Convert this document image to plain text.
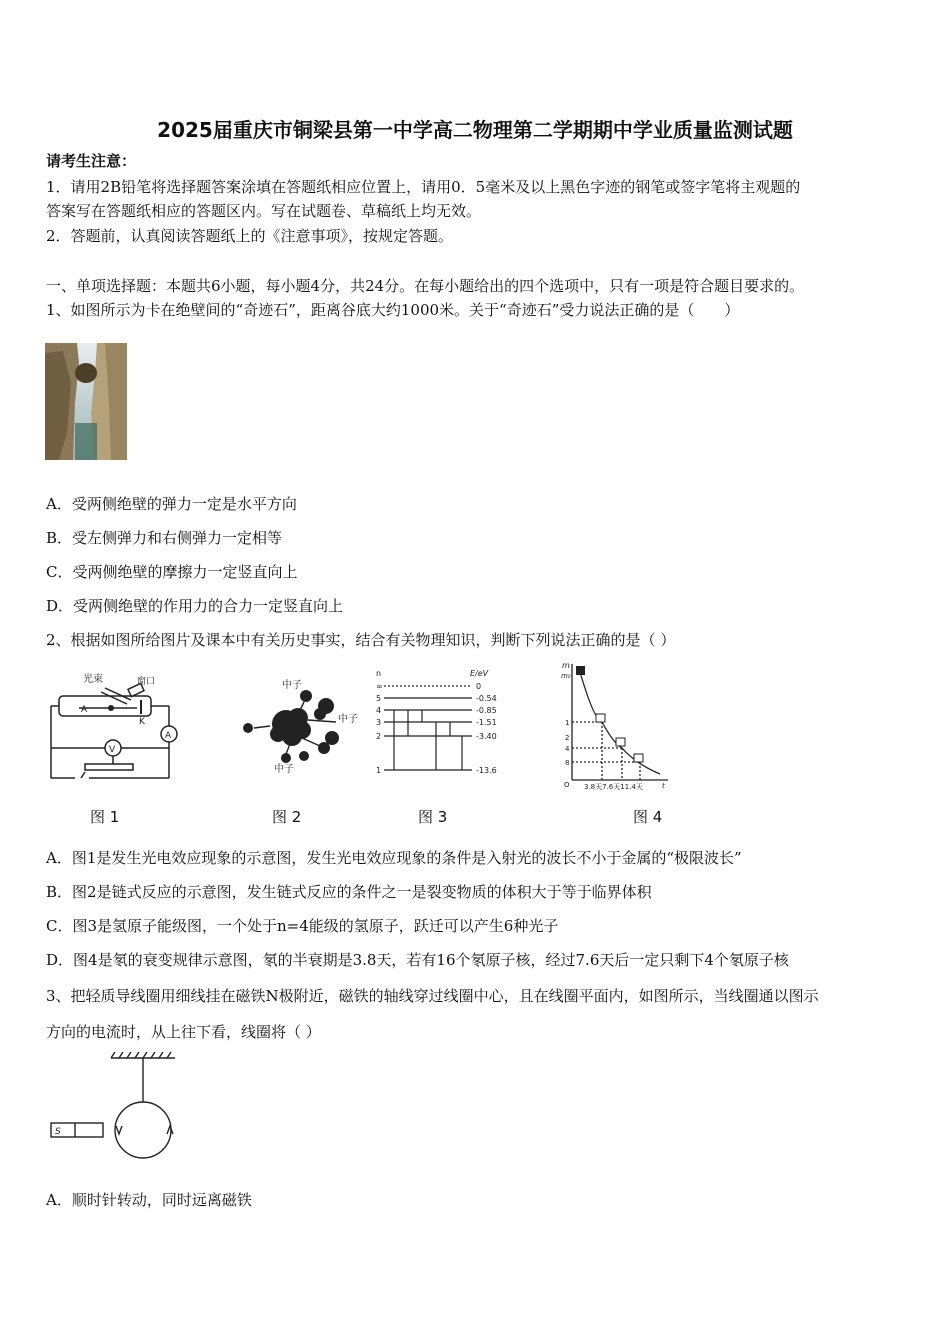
2025届重庆市铜梁县第一中学高二物理第二学期期中学业质量监测试题
请考生注意：
1．请用2B铅笔将选择题答案涂填在答题纸相应位置上，请用0．5毫米及以上黑色字迹的钢笔或签字笔将主观题的
答案写在答题纸相应的答题区内。写在试题卷、草稿纸上均无效。
2．答题前，认真阅读答题纸上的《注意事项》，按规定答题。
一、单项选择题：本题共6小题，每小题4分，共24分。在每小题给出的四个选项中，只有一项是符合题目要求的。
1、如图所示为卡在绝壁间的“奇迹石”，距离谷底大约1000米。关于“奇迹石”受力说法正确的是（　　）
A．受两侧绝壁的弹力一定是水平方向
B．受左侧弹力和右侧弹力一定相等
C．受两侧绝壁的摩擦力一定竖直向上
D．受两侧绝壁的作用力的合力一定竖直向上
2、根据如图所给图片及课本中有关历史事实，结合有关物理知识，判断下列说法正确的是（ ）
光束	窗口
A
K
V
A
图 1
中子
中子
中子
图 2
n	E/eV
∞
5
4
3
2
1
0
-0.54
-0.85
-1.51
-3.40
-13.6
图 3
m
m₀
1
2
4
8
O 3.8天7.6天11.4天	t
图 4
A．图1是发生光电效应现象的示意图，发生光电效应现象的条件是入射光的波长不小于金属的“极限波长”
B．图2是链式反应的示意图，发生链式反应的条件之一是裂变物质的体积大于等于临界体积
C．图3是氢原子能级图，一个处于n=4能级的氢原子，跃迁可以产生6种光子
D．图4是氡的衰变规律示意图，氡的半衰期是3.8天，若有16个氡原子核，经过7.6天后一定只剩下4个氡原子核
3、把轻质导线圈用细线挂在磁铁N极附近，磁铁的轴线穿过线圈中心，且在线圈平面内，如图所示，当线圈通以图示
方向的电流时，从上往下看，线圈将（ ）
S
A．顺时针转动，同时远离磁铁
